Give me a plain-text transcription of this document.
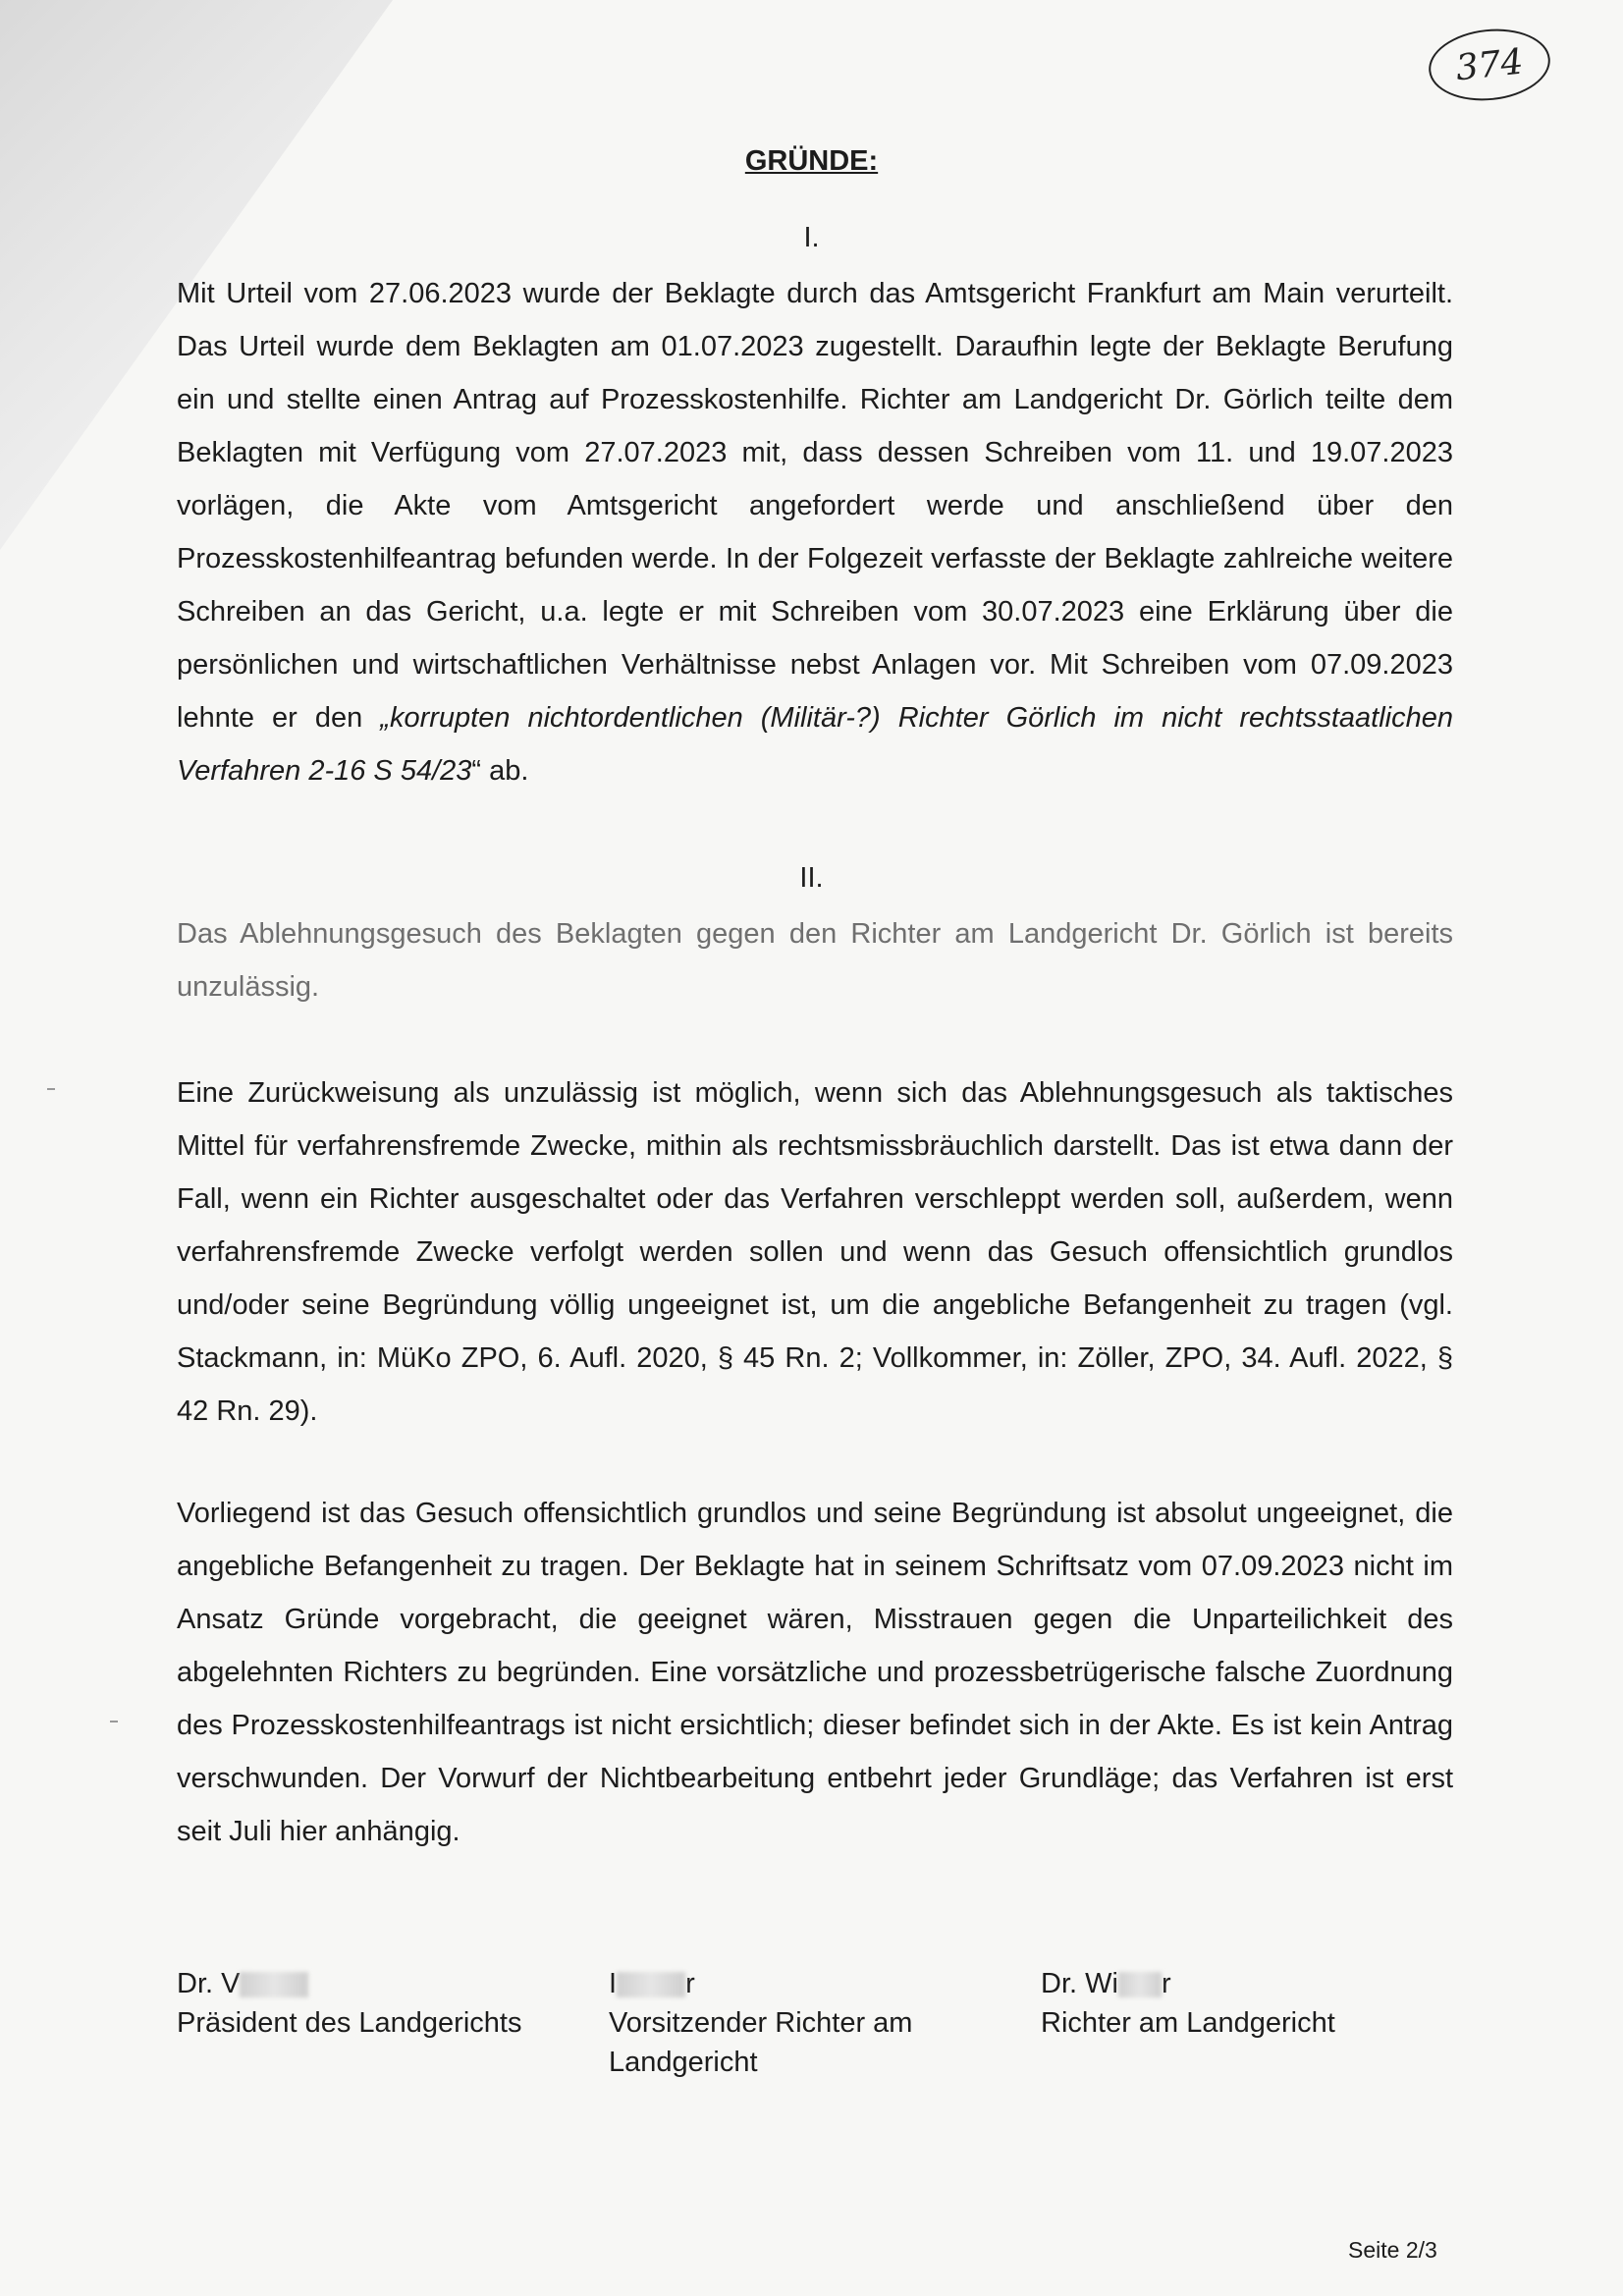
374
GRÜNDE:
I.

Mit Urteil vom 27.06.2023 wurde der Beklagte durch das Amtsgericht Frankfurt am Main verurteilt. Das Urteil wurde dem Beklagten am 01.07.2023 zugestellt. Daraufhin legte der Beklagte Berufung ein und stellte einen Antrag auf Prozesskostenhilfe. Richter am Landgericht Dr. Görlich teilte dem Beklagten mit Verfügung vom 27.07.2023 mit, dass dessen Schreiben vom 11. und 19.07.2023 vorlägen, die Akte vom Amtsgericht angefordert werde und anschließend über den Prozesskostenhilfeantrag befunden werde. In der Folgezeit verfasste der Beklagte zahlreiche weitere Schreiben an das Gericht, u.a. legte er mit Schreiben vom 30.07.2023 eine Erklärung über die persönlichen und wirtschaftlichen Verhältnisse nebst Anlagen vor. Mit Schreiben vom 07.09.2023 lehnte er den „korrupten nichtordentlichen (Militär-?) Richter Görlich im nicht rechtsstaatlichen Verfahren 2-16 S 54/23“ ab.

II.

Das Ablehnungsgesuch des Beklagten gegen den Richter am Landgericht Dr. Görlich ist bereits unzulässig.

Eine Zurückweisung als unzulässig ist möglich, wenn sich das Ablehnungsgesuch als taktisches Mittel für verfahrensfremde Zwecke, mithin als rechtsmissbräuchlich darstellt. Das ist etwa dann der Fall, wenn ein Richter ausgeschaltet oder das Verfahren verschleppt werden soll, außerdem, wenn verfahrensfremde Zwecke verfolgt werden sollen und wenn das Gesuch offensichtlich grundlos und/oder seine Begründung völlig ungeeignet ist, um die angebliche Befangenheit zu tragen (vgl. Stackmann, in: MüKo ZPO, 6. Aufl. 2020, § 45 Rn. 2; Vollkommer, in: Zöller, ZPO, 34. Aufl. 2022, § 42 Rn. 29).

Vorliegend ist das Gesuch offensichtlich grundlos und seine Begründung ist absolut ungeeignet, die angebliche Befangenheit zu tragen. Der Beklagte hat in seinem Schriftsatz vom 07.09.2023 nicht im Ansatz Gründe vorgebracht, die geeignet wären, Misstrauen gegen die Unparteilichkeit des abgelehnten Richters zu begründen. Eine vorsätzliche und prozessbetrügerische falsche Zuordnung des Prozesskostenhilfeantrags ist nicht ersichtlich; dieser befindet sich in der Akte. Es ist kein Antrag verschwunden. Der Vorwurf der Nichtbearbeitung entbehrt jeder Grundläge; das Verfahren ist erst seit Juli hier anhängig.

Dr. V
Präsident des Landgerichts
I r
Vorsitzender Richter am
Landgericht
Dr. Wi r
Richter am Landgericht
Seite 2/3
